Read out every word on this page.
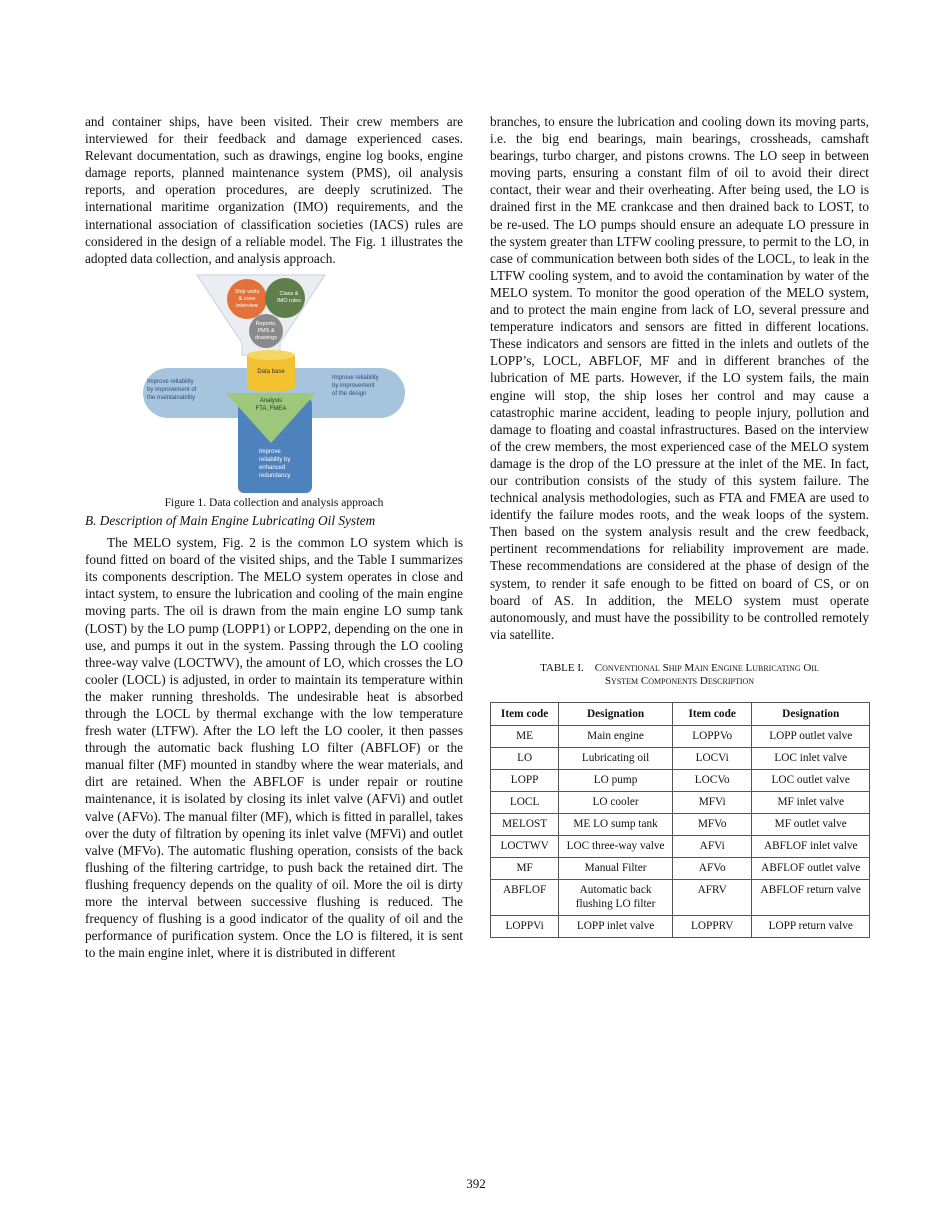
and container ships, have been visited. Their crew members are interviewed for their feedback and damage experienced cases. Relevant documentation, such as drawings, engine log books, engine damage reports, planned maintenance system (PMS), oil analysis reports, and operation procedures, are deeply scrutinized. The international maritime organization (IMO) requirements, and the international association of classification societies (IACS) rules are considered in the design of a reliable model. The Fig. 1 illustrates the adopted data collection, and analysis approach.

Ship visits
& crew
interview
Class &
IMO rules
Reports,
PMS &
drawings
Data base
Analysis
FTA, FMEA
Improve reliability
by improvement of
the maintainability
Improve reliability
by improvement
of the design
Improve
reliability by
enhanced
redundancy

Figure 1. Data collection and analysis approach

B. Description of Main Engine Lubricating Oil System

The MELO system, Fig. 2 is the common LO system which is found fitted on board of the visited ships, and the Table I summarizes its components description. The MELO system operates in close and intact system, to ensure the lubrication and cooling of the main engine moving parts. The oil is drawn from the main engine LO sump tank (LOST) by the LO pump (LOPP1) or LOPP2, depending on the one in use, and pumps it out in the system. Passing through the LO cooling three-way valve (LOCTWV), the amount of LO, which crosses the LO cooler (LOCL) is adjusted, in order to maintain its temperature within the maker running thresholds. The undesirable heat is absorbed through the LOCL by thermal exchange with the low temperature fresh water (LTFW). After the LO left the LO cooler, it then passes through the automatic back flushing LO filter (ABFLOF) or the manual filter (MF) mounted in standby where the wear materials, and dirt are retained. When the ABFLOF is under repair or routine maintenance, it is isolated by closing its inlet valve (AFVi) and outlet valve (AFVo). The manual filter (MF), which is fitted in parallel, takes over the duty of filtration by opening its inlet valve (MFVi) and outlet valve (MFVo). The automatic flushing operation, consists of the back flushing of the filtering cartridge, to push back the retained dirt. The flushing frequency depends on the quality of oil. More the oil is dirty more the interval between successive flushing is reduced. The frequency of flushing is a good indicator of the quality of oil and the performance of purification system. Once the LO is filtered, it is sent to the main engine inlet, where it is distributed in different

branches, to ensure the lubrication and cooling down its moving parts, i.e. the big end bearings, main bearings, crossheads, camshaft bearings, turbo charger, and pistons crowns. The LO seep in between moving parts, ensuring a constant film of oil to avoid their direct contact, their wear and their overheating. After being used, the LO is drained first in the ME crankcase and then drained back to LOST, to be re-used. The LO pumps should ensure an adequate LO pressure in the system greater than LTFW cooling pressure, to permit to the LO, in case of communication between both sides of the LOCL, to leak in the LTFW cooling system, and to avoid the contamination by water of the MELO system. To monitor the good operation of the MELO system, and to protect the main engine from lack of LO, several pressure and temperature indicators and sensors are fitted in different locations. These indicators and sensors are fitted in the inlets and outlets of the LOPP’s, LOCL, ABFLOF, MF and in different branches of the lubrication of ME parts. However, if the LO system fails, the main engine will stop, the ship loses her control and may cause a catastrophic marine accident, leading to people injury, pollution and damage to floating and coastal infrastructures. Based on the interview of the crew members, the most experienced case of the MELO system damage is the drop of the LO pressure at the inlet of the ME. In fact, our contribution consists of the study of this system failure. The technical analysis methodologies, such as FTA and FMEA are used to identify the failure modes roots, and the weak loops of the system. Then based on the system analysis result and the crew feedback, pertinent recommendations for reliability improvement are made. These recommendations are considered at the phase of design of the system, to render it safe enough to be fitted on board of CS, or on board of AS. In addition, the MELO system must operate autonomously, and must have the possibility to be controlled remotely via satellite.

TABLE I. Conventional Ship Main Engine Lubricating Oil
System Components Description
Item code	Designation	Item code	Designation
ME	Main engine	LOPPVo	LOPP outlet valve
LO	Lubricating oil	LOCVi	LOC inlet valve
LOPP	LO pump	LOCVo	LOC outlet valve
LOCL	LO cooler	MFVi	MF inlet valve
MELOST	ME LO sump tank	MFVo	MF outlet valve
LOCTWV	LOC three-way valve	AFVi	ABFLOF inlet valve
MF	Manual Filter	AFVo	ABFLOF outlet valve
ABFLOF	Automatic back flushing LO filter	AFRV	ABFLOF return valve
LOPPVi	LOPP inlet valve	LOPPRV	LOPP return valve
392
